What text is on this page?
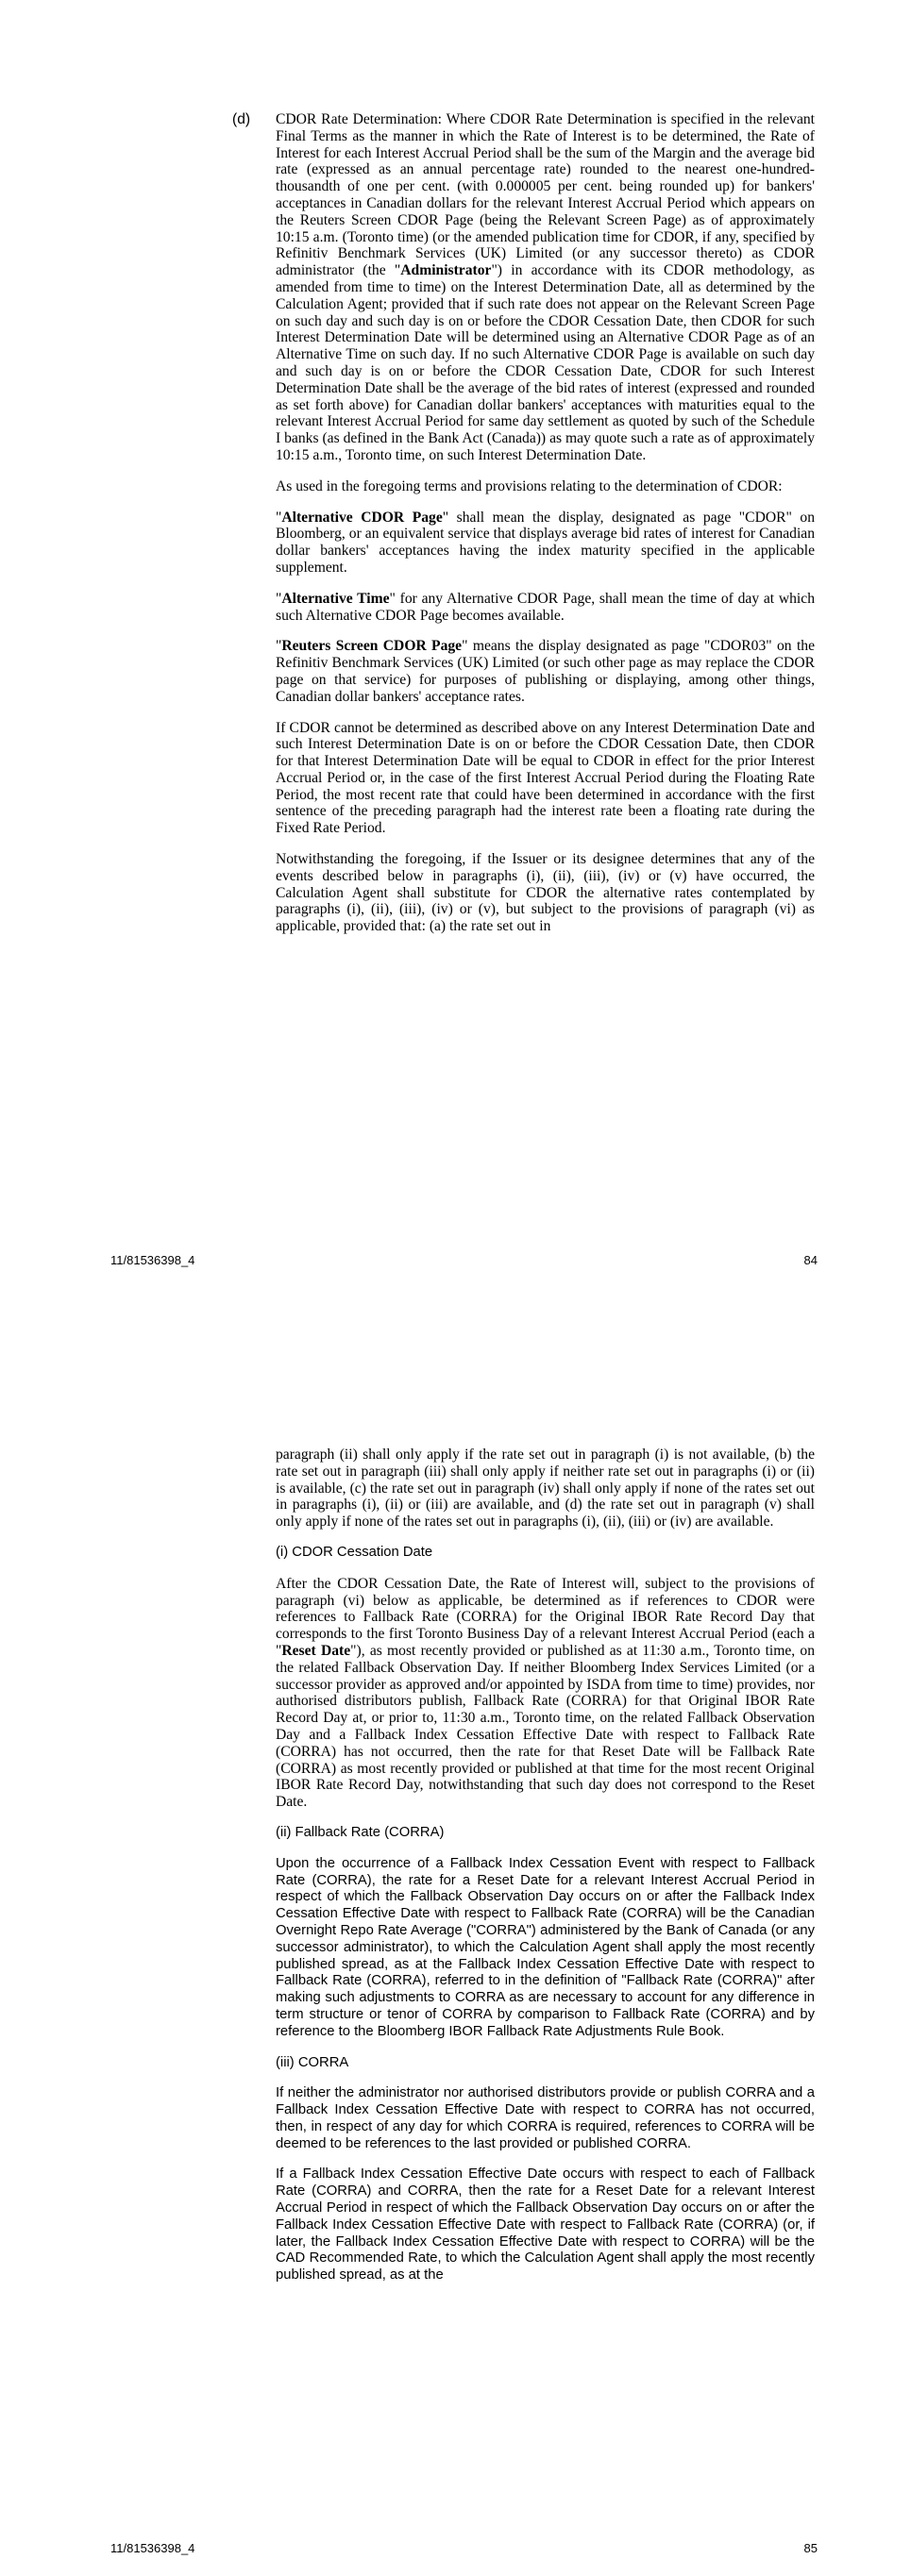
(d) CDOR Rate Determination: Where CDOR Rate Determination is specified in the relevant Final Terms as the manner in which the Rate of Interest is to be determined, the Rate of Interest for each Interest Accrual Period shall be the sum of the Margin and the average bid rate (expressed as an annual percentage rate) rounded to the nearest one-hundred-thousandth of one per cent. (with 0.000005 per cent. being rounded up) for bankers' acceptances in Canadian dollars for the relevant Interest Accrual Period which appears on the Reuters Screen CDOR Page (being the Relevant Screen Page) as of approximately 10:15 a.m. (Toronto time) (or the amended publication time for CDOR, if any, specified by Refinitiv Benchmark Services (UK) Limited (or any successor thereto) as CDOR administrator (the "Administrator") in accordance with its CDOR methodology, as amended from time to time) on the Interest Determination Date, all as determined by the Calculation Agent; provided that if such rate does not appear on the Relevant Screen Page on such day and such day is on or before the CDOR Cessation Date, then CDOR for such Interest Determination Date will be determined using an Alternative CDOR Page as of an Alternative Time on such day. If no such Alternative CDOR Page is available on such day and such day is on or before the CDOR Cessation Date, CDOR for such Interest Determination Date shall be the average of the bid rates of interest (expressed and rounded as set forth above) for Canadian dollar bankers' acceptances with maturities equal to the relevant Interest Accrual Period for same day settlement as quoted by such of the Schedule I banks (as defined in the Bank Act (Canada)) as may quote such a rate as of approximately 10:15 a.m., Toronto time, on such Interest Determination Date.

As used in the foregoing terms and provisions relating to the determination of CDOR:

"Alternative CDOR Page" shall mean the display, designated as page "CDOR" on Bloomberg, or an equivalent service that displays average bid rates of interest for Canadian dollar bankers' acceptances having the index maturity specified in the applicable supplement.

"Alternative Time" for any Alternative CDOR Page, shall mean the time of day at which such Alternative CDOR Page becomes available.

"Reuters Screen CDOR Page" means the display designated as page "CDOR03" on the Refinitiv Benchmark Services (UK) Limited (or such other page as may replace the CDOR page on that service) for purposes of publishing or displaying, among other things, Canadian dollar bankers' acceptance rates.

If CDOR cannot be determined as described above on any Interest Determination Date and such Interest Determination Date is on or before the CDOR Cessation Date, then CDOR for that Interest Determination Date will be equal to CDOR in effect for the prior Interest Accrual Period or, in the case of the first Interest Accrual Period during the Floating Rate Period, the most recent rate that could have been determined in accordance with the first sentence of the preceding paragraph had the interest rate been a floating rate during the Fixed Rate Period.

Notwithstanding the foregoing, if the Issuer or its designee determines that any of the events described below in paragraphs (i), (ii), (iii), (iv) or (v) have occurred, the Calculation Agent shall substitute for CDOR the alternative rates contemplated by paragraphs (i), (ii), (iii), (iv) or (v), but subject to the provisions of paragraph (vi) as applicable, provided that: (a) the rate set out in

11/81536398_4	84

paragraph (ii) shall only apply if the rate set out in paragraph (i) is not available, (b) the rate set out in paragraph (iii) shall only apply if neither rate set out in paragraphs (i) or (ii) is available, (c) the rate set out in paragraph (iv) shall only apply if none of the rates set out in paragraphs (i), (ii) or (iii) are available, and (d) the rate set out in paragraph (v) shall only apply if none of the rates set out in paragraphs (i), (ii), (iii) or (iv) are available.

(i) CDOR Cessation Date

After the CDOR Cessation Date, the Rate of Interest will, subject to the provisions of paragraph (vi) below as applicable, be determined as if references to CDOR were references to Fallback Rate (CORRA) for the Original IBOR Rate Record Day that corresponds to the first Toronto Business Day of a relevant Interest Accrual Period (each a "Reset Date"), as most recently provided or published as at 11:30 a.m., Toronto time, on the related Fallback Observation Day. If neither Bloomberg Index Services Limited (or a successor provider as approved and/or appointed by ISDA from time to time) provides, nor authorised distributors publish, Fallback Rate (CORRA) for that Original IBOR Rate Record Day at, or prior to, 11:30 a.m., Toronto time, on the related Fallback Observation Day and a Fallback Index Cessation Effective Date with respect to Fallback Rate (CORRA) has not occurred, then the rate for that Reset Date will be Fallback Rate (CORRA) as most recently provided or published at that time for the most recent Original IBOR Rate Record Day, notwithstanding that such day does not correspond to the Reset Date.

(ii) Fallback Rate (CORRA)

Upon the occurrence of a Fallback Index Cessation Event with respect to Fallback Rate (CORRA), the rate for a Reset Date for a relevant Interest Accrual Period in respect of which the Fallback Observation Day occurs on or after the Fallback Index Cessation Effective Date with respect to Fallback Rate (CORRA) will be the Canadian Overnight Repo Rate Average ("CORRA") administered by the Bank of Canada (or any successor administrator), to which the Calculation Agent shall apply the most recently published spread, as at the Fallback Index Cessation Effective Date with respect to Fallback Rate (CORRA), referred to in the definition of "Fallback Rate (CORRA)" after making such adjustments to CORRA as are necessary to account for any difference in term structure or tenor of CORRA by comparison to Fallback Rate (CORRA) and by reference to the Bloomberg IBOR Fallback Rate Adjustments Rule Book.

(iii) CORRA

If neither the administrator nor authorised distributors provide or publish CORRA and a Fallback Index Cessation Effective Date with respect to CORRA has not occurred, then, in respect of any day for which CORRA is required, references to CORRA will be deemed to be references to the last provided or published CORRA.

If a Fallback Index Cessation Effective Date occurs with respect to each of Fallback Rate (CORRA) and CORRA, then the rate for a Reset Date for a relevant Interest Accrual Period in respect of which the Fallback Observation Day occurs on or after the Fallback Index Cessation Effective Date with respect to Fallback Rate (CORRA) (or, if later, the Fallback Index Cessation Effective Date with respect to CORRA) will be the CAD Recommended Rate, to which the Calculation Agent shall apply the most recently published spread, as at the

11/81536398_4	85
